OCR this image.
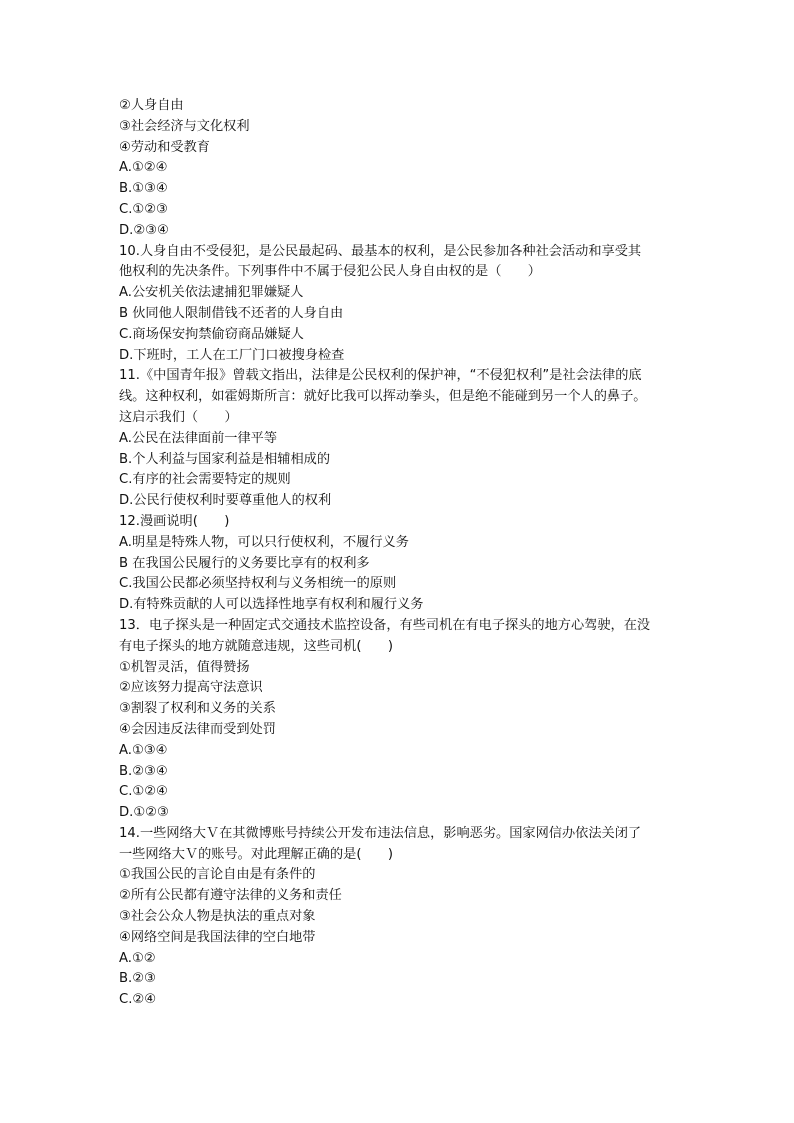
②人身自由
③社会经济与文化权利
④劳动和受教育
A.①②④
B.①③④
C.①②③
D.②③④
10.人身自由不受侵犯，是公民最起码、最基本的权利，是公民参加各种社会活动和享受其
他权利的先决条件。下列事件中不属于侵犯公民人身自由权的是（　　）
A.公安机关依法逮捕犯罪嫌疑人
B 伙同他人限制借钱不还者的人身自由
C.商场保安拘禁偷窃商品嫌疑人
D.下班时，工人在工厂门口被搜身检查
11.《中国青年报》曾载文指出，法律是公民权利的保护神，“不侵犯权利”是社会法律的底
线。这种权利，如霍姆斯所言：就好比我可以挥动拳头，但是绝不能碰到另一个人的鼻子。
这启示我们（　　）
A.公民在法律面前一律平等
B.个人利益与国家利益是相辅相成的
C.有序的社会需要特定的规则
D.公民行使权利时要尊重他人的权利
12.漫画说明(　　)
A.明星是特殊人物，可以只行使权利，不履行义务
B 在我国公民履行的义务要比享有的权利多
C.我国公民都必须坚持权利与义务相统一的原则
D.有特殊贡献的人可以选择性地享有权利和履行义务
13．电子探头是一种固定式交通技术监控设备，有些司机在有电子探头的地方心驾驶，在没
有电子探头的地方就随意违规，这些司机(　　)
①机智灵活，值得赞扬
②应该努力提高守法意识
③割裂了权利和义务的关系
④会因违反法律而受到处罚
A.①③④
B.②③④
C.①②④
D.①②③
14.一些网络大Ｖ在其微博账号持续公开发布违法信息，影响恶劣。国家网信办依法关闭了
一些网络大Ｖ的账号。对此理解正确的是(　　)
①我国公民的言论自由是有条件的
②所有公民都有遵守法律的义务和责任
③社会公众人物是执法的重点对象
④网络空间是我国法律的空白地带
A.①②
B.②③
C.②④
